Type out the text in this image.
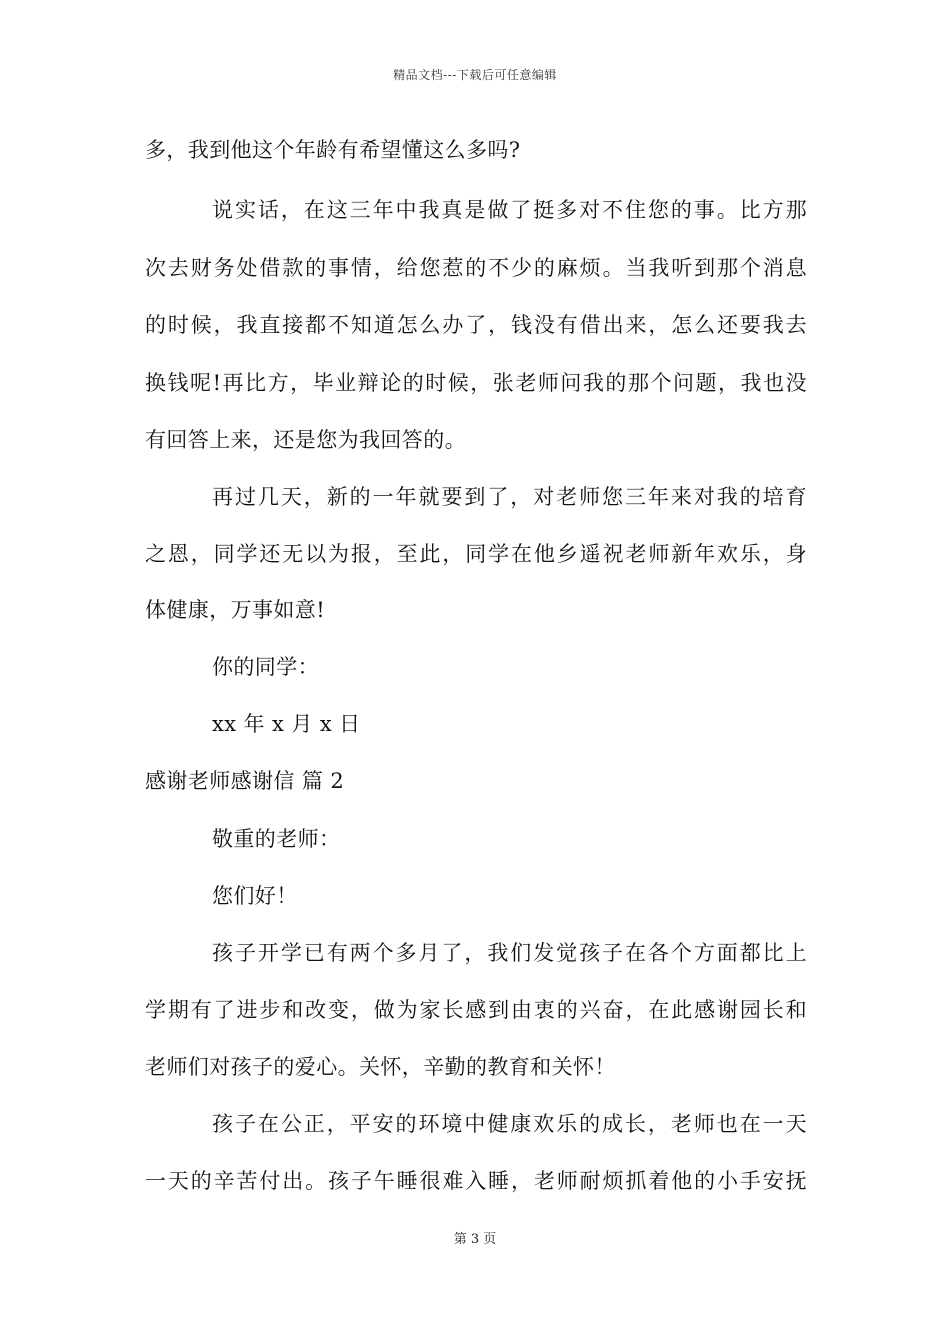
精品文档---下载后可任意编辑
多，我到他这个年龄有希望懂这么多吗?
说实话，在这三年中我真是做了挺多对不住您的事。比方那
次去财务处借款的事情，给您惹的不少的麻烦。当我听到那个消息
的时候，我直接都不知道怎么办了，钱没有借出来，怎么还要我去
换钱呢!再比方，毕业辩论的时候，张老师问我的那个问题，我也没
有回答上来，还是您为我回答的。
再过几天，新的一年就要到了，对老师您三年来对我的培育
之恩，同学还无以为报，至此，同学在他乡遥祝老师新年欢乐，身
体健康，万事如意!
你的同学：
xx 年 x 月 x 日
感谢老师感谢信 篇 2
敬重的老师：
您们好！
孩子开学已有两个多月了，我们发觉孩子在各个方面都比上
学期有了进步和改变，做为家长感到由衷的兴奋，在此感谢园长和
老师们对孩子的爱心。关怀，辛勤的教育和关怀！
孩子在公正，平安的环境中健康欢乐的成长，老师也在一天
一天的辛苦付出。孩子午睡很难入睡，老师耐烦抓着他的小手安抚
第 3 页
